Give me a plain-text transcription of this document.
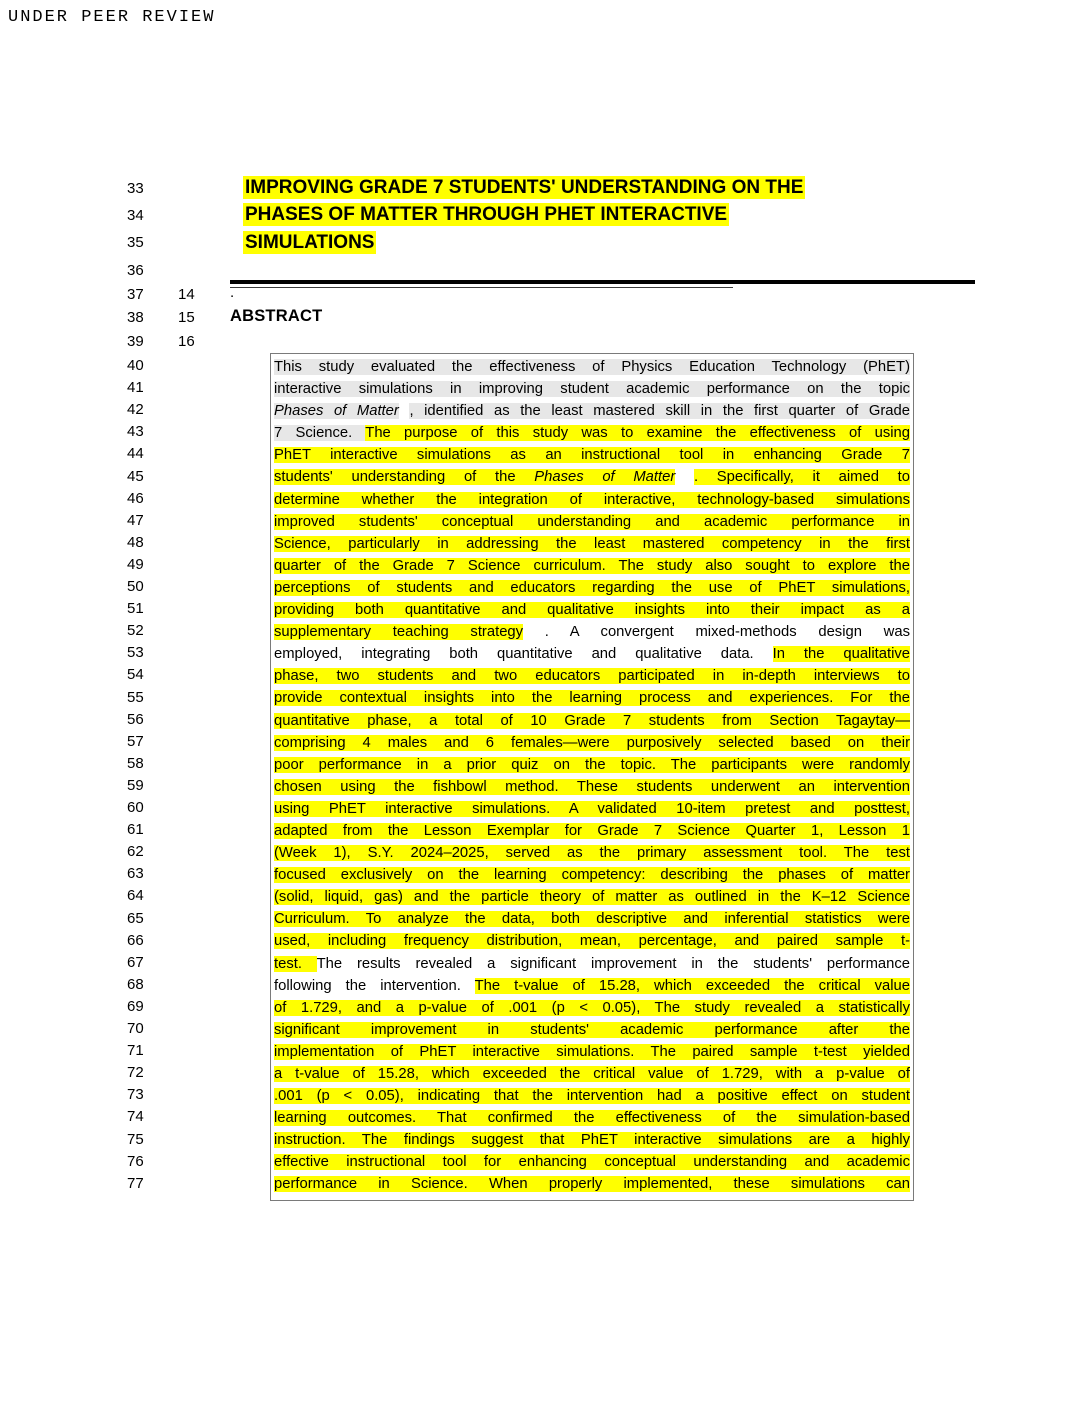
UNDER PEER REVIEW
IMPROVING GRADE 7 STUDENTS' UNDERSTANDING ON THE
PHASES OF MATTER THROUGH PHET INTERACTIVE
SIMULATIONS
.
ABSTRACT
33
34
35
36
37
38
39
14
15
16
40
41
42
43
44
45
46
47
48
49
50
51
52
53
54
55
56
57
58
59
60
61
62
63
64
65
66
67
68
69
70
71
72
73
74
75
76
77
This study evaluated the effectiveness of Physics Education Technology (PhET)
interactive simulations in improving student academic performance on the topic
Phases of Matter , identified as the least mastered skill in the first quarter of Grade
7 Science. The purpose of this study was to examine the effectiveness of using
PhET interactive simulations as an instructional tool in enhancing Grade 7
students' understanding of the Phases of Matter . Specifically, it aimed to
determine whether the integration of interactive, technology-based simulations
improved students' conceptual understanding and academic performance in
Science, particularly in addressing the least mastered competency in the first
quarter of the Grade 7 Science curriculum. The study also sought to explore the
perceptions of students and educators regarding the use of PhET simulations,
providing both quantitative and qualitative insights into their impact as a
supplementary teaching strategy . A convergent mixed-methods design was
employed, integrating both quantitative and qualitative data. In the qualitative
phase, two students and two educators participated in in-depth interviews to
provide contextual insights into the learning process and experiences. For the
quantitative phase, a total of 10 Grade 7 students from Section Tagaytay—
comprising 4 males and 6 females—were purposively selected based on their
poor performance in a prior quiz on the topic. The participants were randomly
chosen using the fishbowl method. These students underwent an intervention
using PhET interactive simulations. A validated 10-item pretest and posttest,
adapted from the Lesson Exemplar for Grade 7 Science Quarter 1, Lesson 1
(Week 1), S.Y. 2024–2025, served as the primary assessment tool. The test
focused exclusively on the learning competency: describing the phases of matter
(solid, liquid, gas) and the particle theory of matter as outlined in the K–12 Science
Curriculum. To analyze the data, both descriptive and inferential statistics were
used, including frequency distribution, mean, percentage, and paired sample t-
test. The results revealed a significant improvement in the students' performance
following the intervention. The t-value of 15.28, which exceeded the critical value
of 1.729, and a p-value of .001 (p < 0.05), The study revealed a statistically
significant improvement in students' academic performance after the
implementation of PhET interactive simulations. The paired sample t-test yielded
a t-value of 15.28, which exceeded the critical value of 1.729, with a p-value of
.001 (p < 0.05), indicating that the intervention had a positive effect on student
learning outcomes. That confirmed the effectiveness of the simulation-based
instruction. The findings suggest that PhET interactive simulations are a highly
effective instructional tool for enhancing conceptual understanding and academic
performance in Science. When properly implemented, these simulations can
